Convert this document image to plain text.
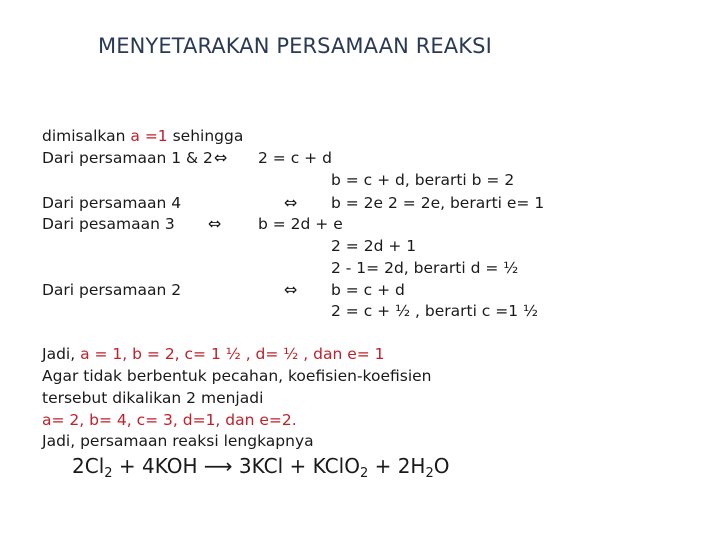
MENYETARAKAN PERSAMAAN REAKSI
dimisalkan a =1 sehingga
Dari persamaan 1 & 2 ⇔ 2 = c + d
b = c + d, berarti b = 2
Dari persamaan 4	⇔ b = 2e 2 = 2e, berarti e= 1
Dari pesamaan 3 ⇔ b = 2d + e
2 = 2d + 1
2 - 1= 2d, berarti d = ½
Dari persamaan 2	⇔ b = c + d
2 = c + ½ , berarti c =1 ½
Jadi, a = 1, b = 2, c= 1 ½ , d= ½ , dan e= 1
Agar tidak berbentuk pecahan, koefisien-koefisien
tersebut dikalikan 2 menjadi
a= 2, b= 4, c= 3, d=1, dan e=2.
Jadi, persamaan reaksi lengkapnya
$2Cl_2 + 4KOH$ ⟶ 3KCl + KClO$_2$ + $2H_2O$
